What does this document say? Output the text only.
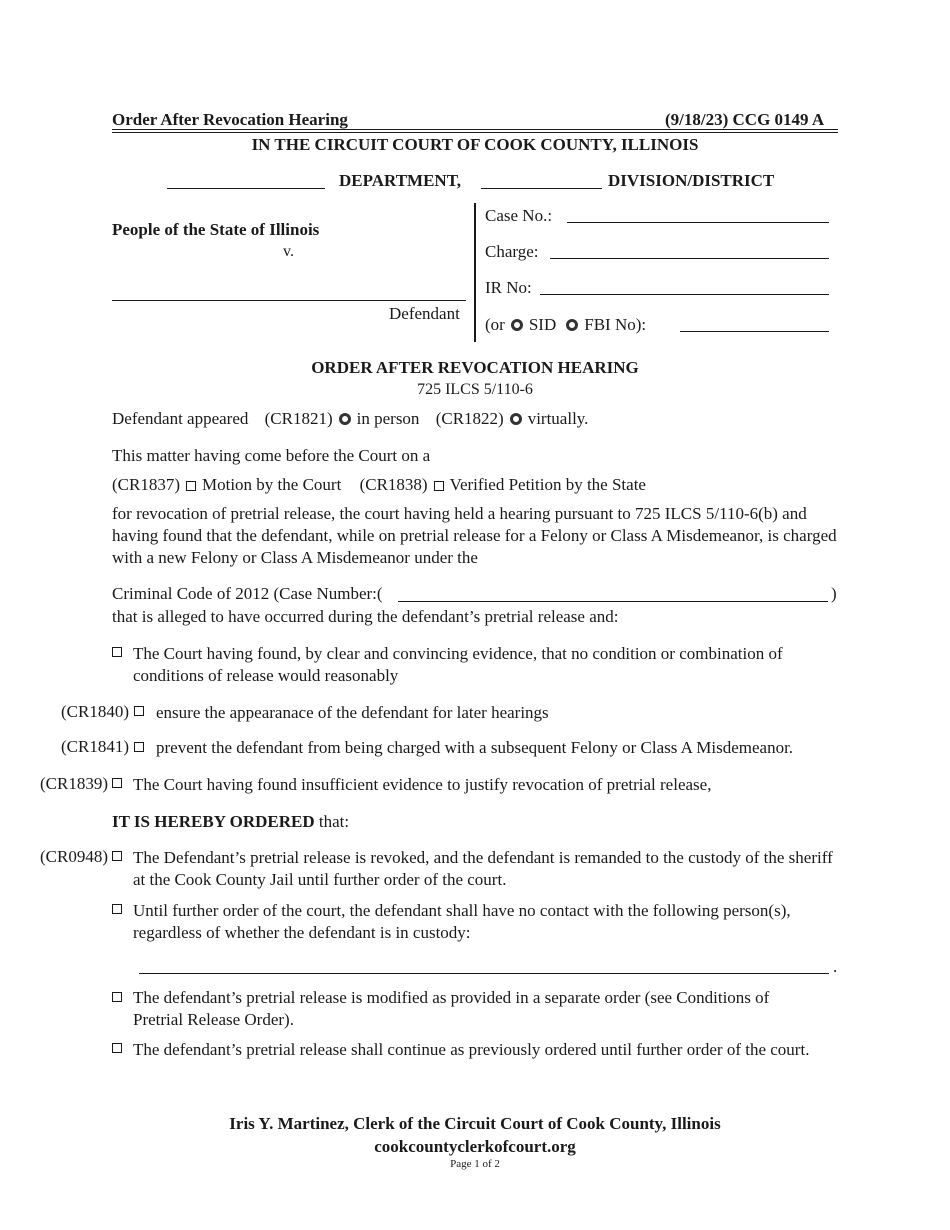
Order After Revocation Hearing	(9/18/23) CCG 0149 A
IN THE CIRCUIT COURT OF COOK COUNTY, ILLINOIS
DEPARTMENT,	DIVISION/DISTRICT
People of the State of Illinois
v.
Defendant
Case No.:
Charge:
IR No:
(or SID FBI No):
ORDER AFTER REVOCATION HEARING
725 ILCS 5/110-6
Defendant appeared (CR1821) in person (CR1822) virtually.
This matter having come before the Court on a
(CR1837) Motion by the Court (CR1838) Verified Petition by the State
for revocation of pretrial release, the court having held a hearing pursuant to 725 ILCS 5/110-6(b) and having found that the defendant, while on pretrial release for a Felony or Class A Misdemeanor, is charged with a new Felony or Class A Misdemeanor under the
Criminal Code of 2012 (Case Number:(	)
that is alleged to have occurred during the defendant’s pretrial release and:
The Court having found, by clear and convincing evidence, that no condition or combination of conditions of release would reasonably
(CR1840) ensure the appearanace of the defendant for later hearings
(CR1841) prevent the defendant from being charged with a subsequent Felony or Class A Misdemeanor.
(CR1839) The Court having found insufficient evidence to justify revocation of pretrial release,
IT IS HEREBY ORDERED that:
(CR0948) The Defendant’s pretrial release is revoked, and the defendant is remanded to the custody of the sheriff at the Cook County Jail until further order of the court.
Until further order of the court, the defendant shall have no contact with the following person(s), regardless of whether the defendant is in custody:
.
The defendant’s pretrial release is modified as provided in a separate order (see Conditions of Pretrial Release Order).
The defendant’s pretrial release shall continue as previously ordered until further order of the court.
Iris Y. Martinez, Clerk of the Circuit Court of Cook County, Illinois
cookcountyclerkofcourt.org
Page 1 of 2
